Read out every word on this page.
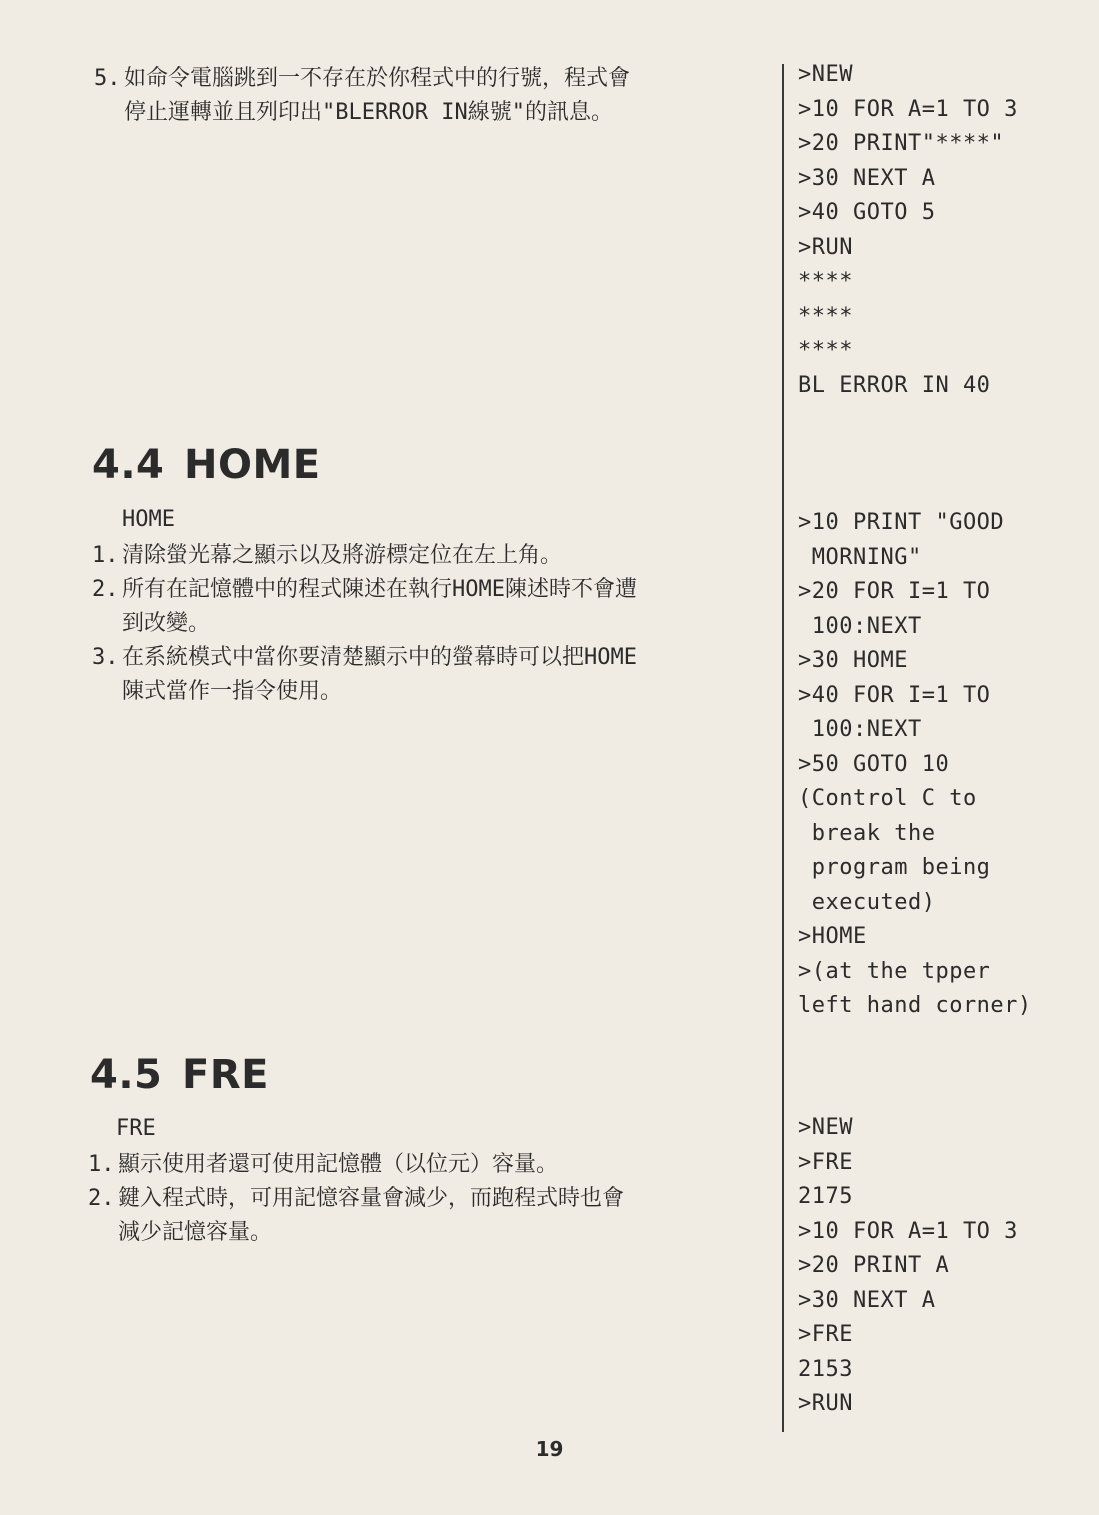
5. 如命令電腦跳到一不存在於你程式中的行號，程式會
停止運轉並且列印出"BLERROR IN線號"的訊息。
>NEW
>10 FOR A=1 TO 3
>20 PRINT"****"
>30 NEXT A
>40 GOTO 5
>RUN
****
****
****
BL ERROR IN 40
4.4 HOME
HOME
1. 清除螢光幕之顯示以及將游標定位在左上角。
2. 所有在記憶體中的程式陳述在執行HOME陳述時不會遭
到改變。
3. 在系統模式中當你要清楚顯示中的螢幕時可以把HOME
陳式當作一指令使用。
>10 PRINT "GOOD
MORNING"
>20 FOR I=1 TO
100:NEXT
>30 HOME
>40 FOR I=1 TO
100:NEXT
>50 GOTO 10
(Control C to
break the
program being
executed)
>HOME
>(at the tpper
left hand corner)
4.5 FRE
FRE
1. 顯示使用者還可使用記憶體（以位元）容量。
2. 鍵入程式時，可用記憶容量會減少，而跑程式時也會
減少記憶容量。
>NEW
>FRE
2175
>10 FOR A=1 TO 3
>20 PRINT A
>30 NEXT A
>FRE
2153
>RUN
19
